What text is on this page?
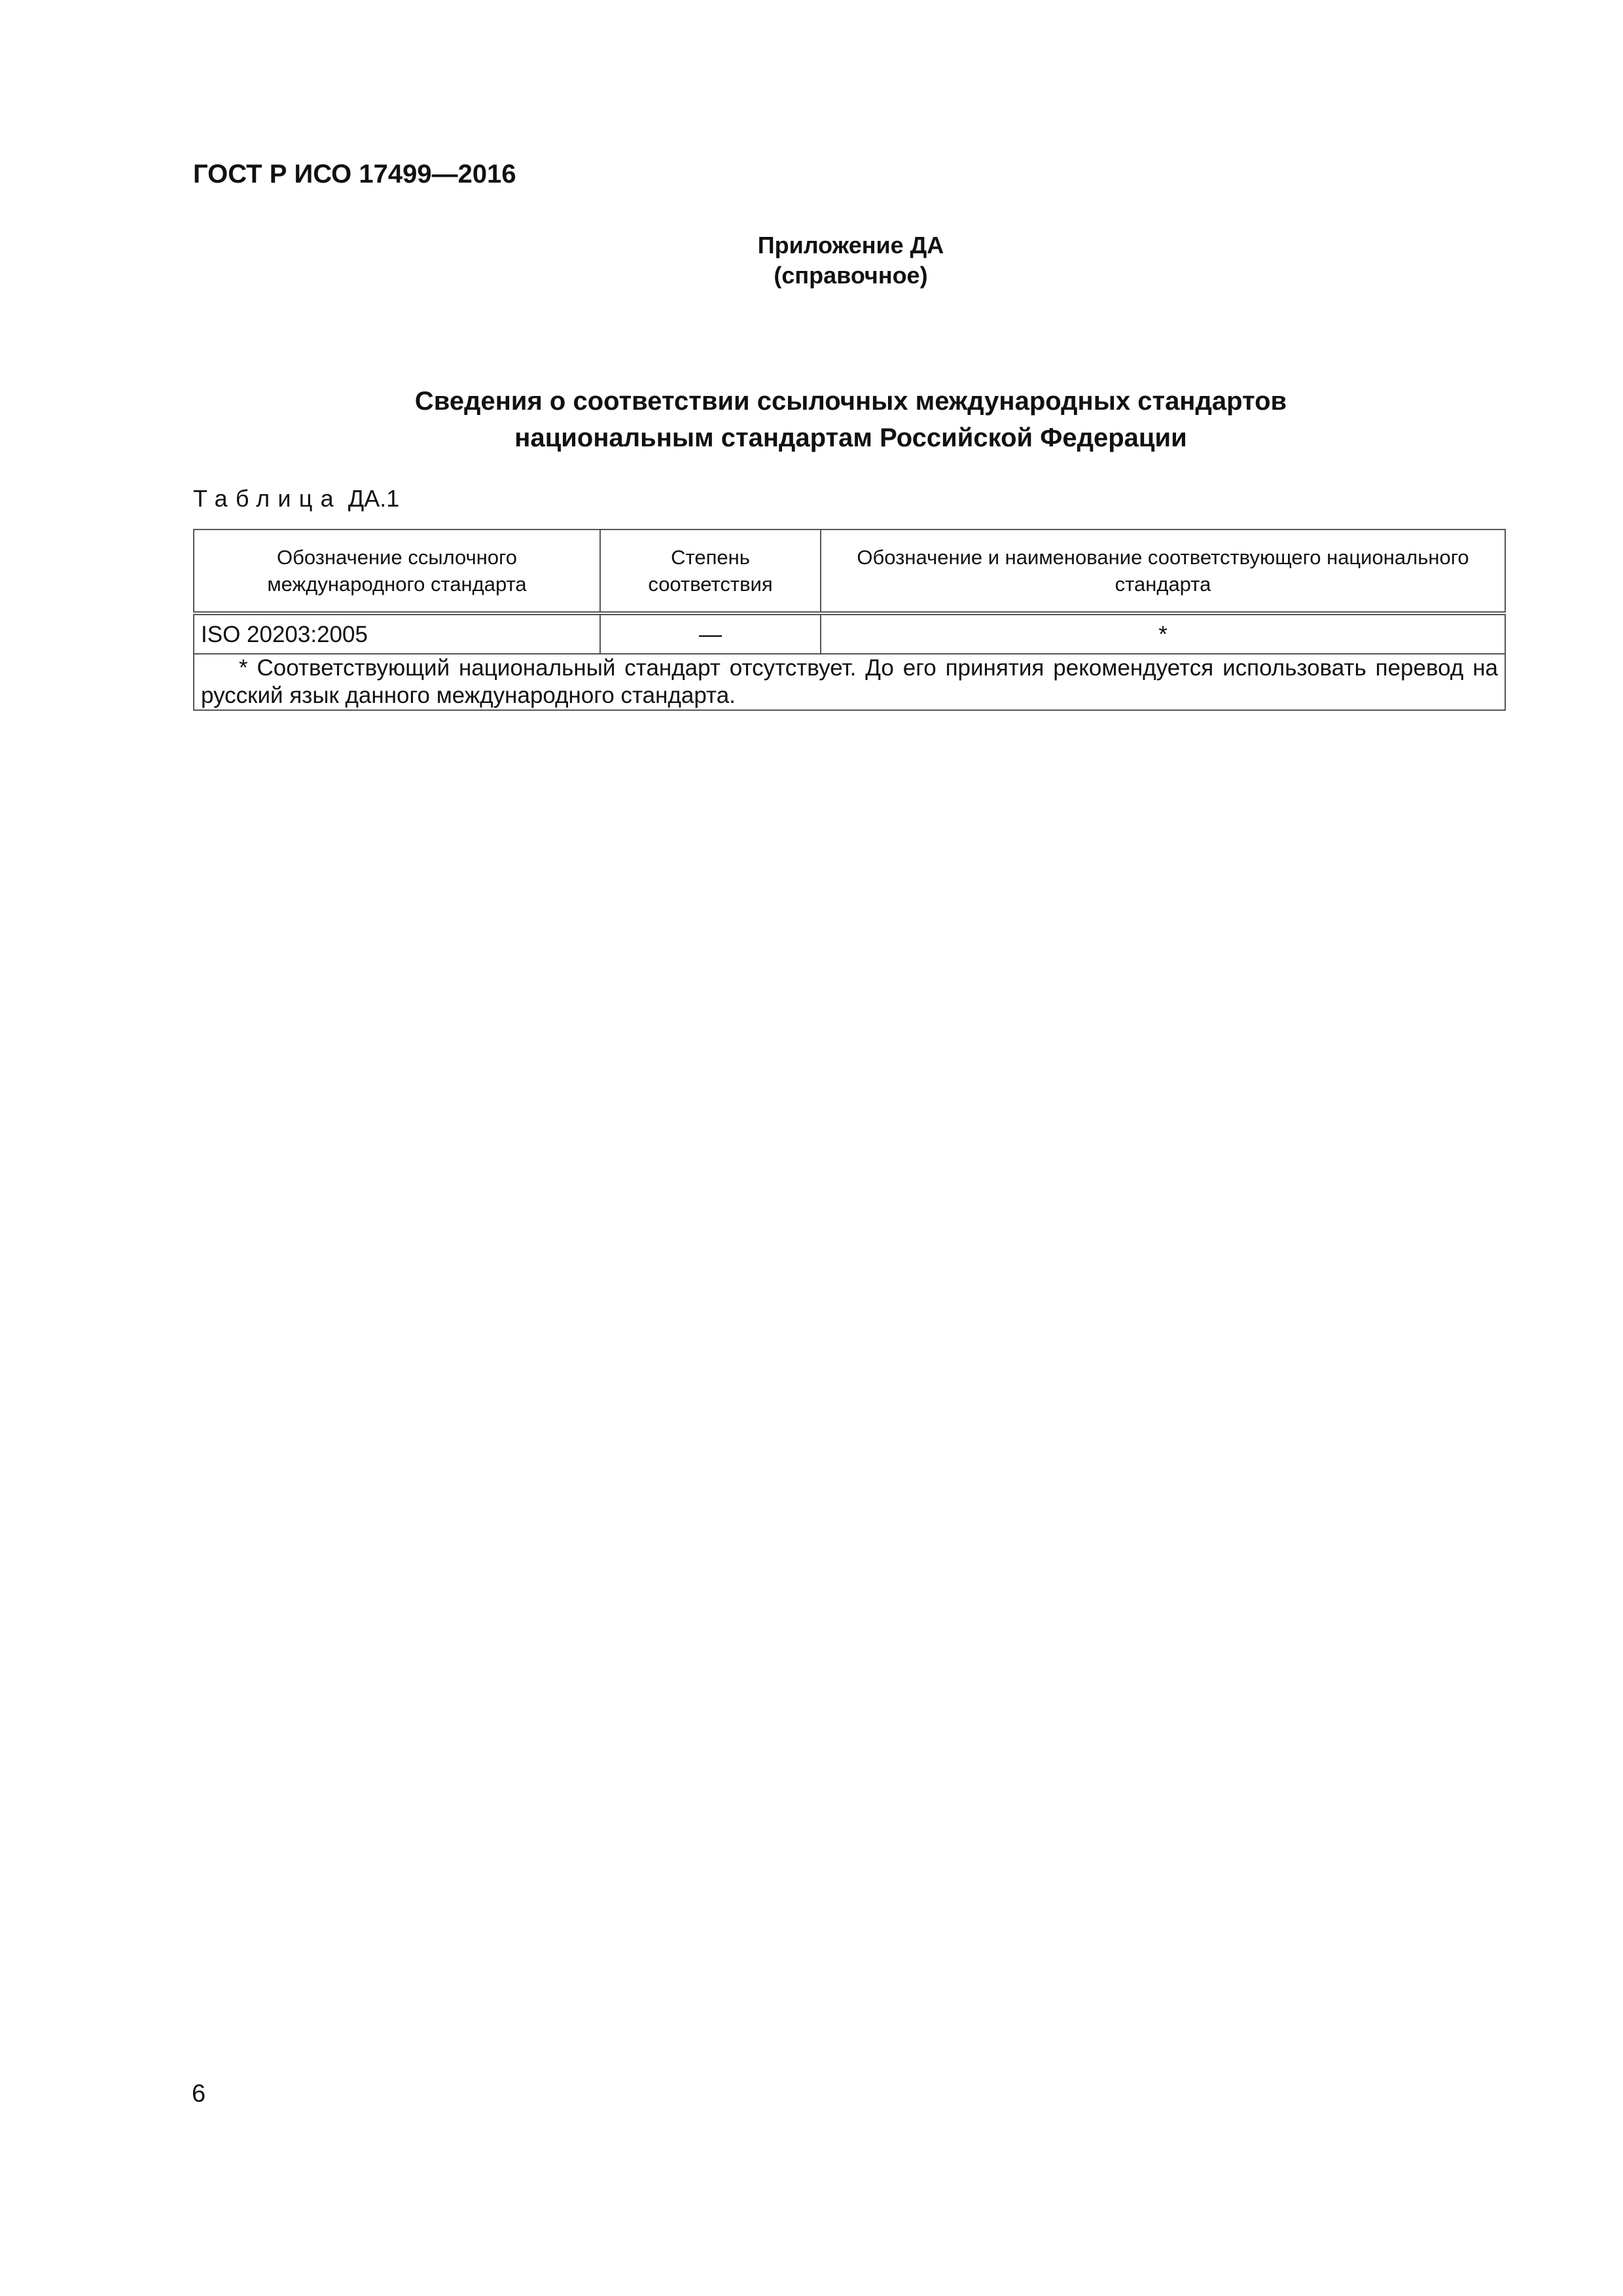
ГОСТ Р ИСО 17499—2016
Приложение ДА
(справочное)
Сведения о соответствии ссылочных международных стандартов
национальным стандартам Российской Федерации
Таблица ДА.1
Обозначение ссылочного международного стандарта	Степень соответствия	Обозначение и наименование соответствующего национального стандарта
ISO 20203:2005	—	*
* Соответствующий национальный стандарт отсутствует. До его принятия рекомендуется использовать перевод на русский язык данного международного стандарта.		
6
